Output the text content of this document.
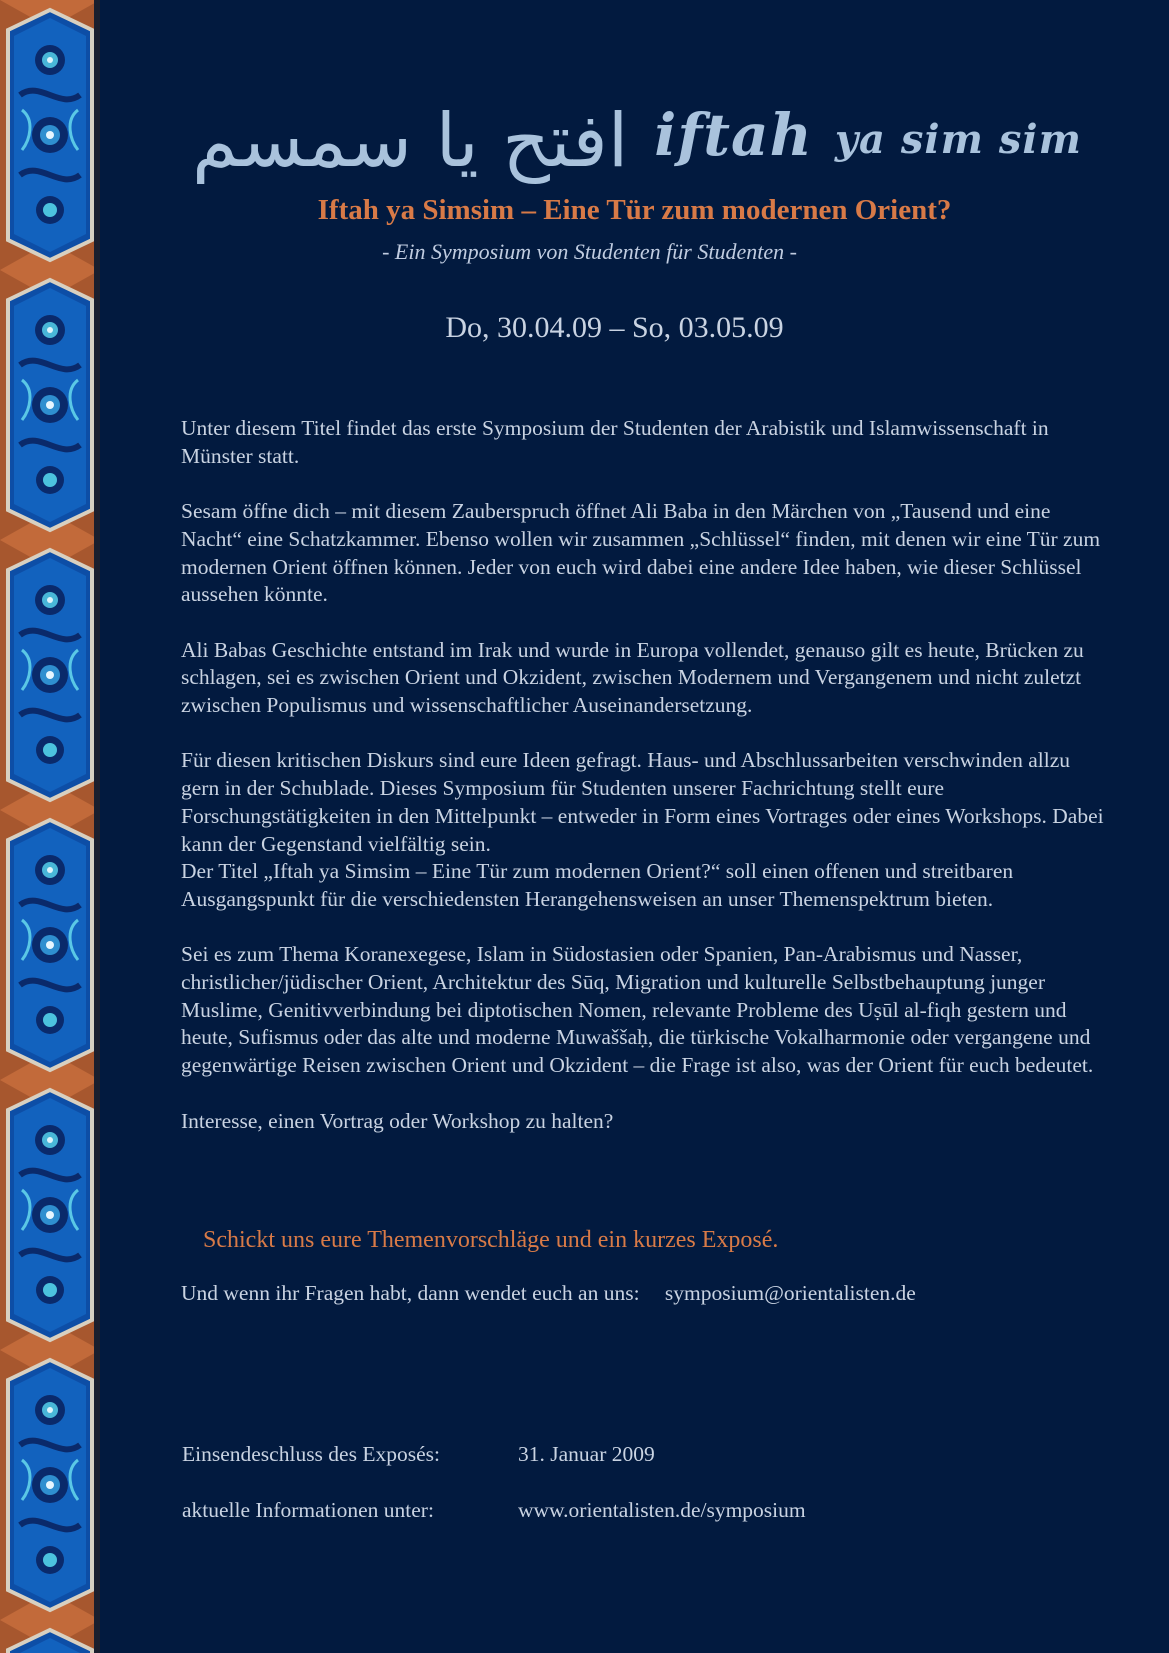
افتح يا سمسم iftah ya sim sim
Iftah ya Simsim – Eine Tür zum modernen Orient?
- Ein Symposium von Studenten für Studenten -
Do, 30.04.09 – So, 03.05.09

Unter diesem Titel findet das erste Symposium der Studenten der Arabistik und Islamwissenschaft in Münster statt.

Sesam öffne dich – mit diesem Zauberspruch öffnet Ali Baba in den Märchen von „Tausend und eine Nacht“ eine Schatzkammer. Ebenso wollen wir zusammen „Schlüssel“ finden, mit denen wir eine Tür zum modernen Orient öffnen können. Jeder von euch wird dabei eine andere Idee haben, wie dieser Schlüssel aussehen könnte.

Ali Babas Geschichte entstand im Irak und wurde in Europa vollendet, genauso gilt es heute, Brücken zu schlagen, sei es zwischen Orient und Okzident, zwischen Modernem und Vergangenem und nicht zuletzt zwischen Populismus und wissenschaftlicher Auseinandersetzung.

Für diesen kritischen Diskurs sind eure Ideen gefragt. Haus- und Abschlussarbeiten verschwinden allzu gern in der Schublade. Dieses Symposium für Studenten unserer Fachrichtung stellt eure Forschungstätigkeiten in den Mittelpunkt – entweder in Form eines Vortrages oder eines Workshops. Dabei kann der Gegenstand vielfältig sein.

Der Titel „Iftah ya Simsim – Eine Tür zum modernen Orient?“ soll einen offenen und streitbaren Ausgangspunkt für die verschiedensten Herangehensweisen an unser Themenspektrum bieten.

Sei es zum Thema Koranexegese, Islam in Südostasien oder Spanien, Pan-Arabismus und Nasser, christlicher/jüdischer Orient, Architektur des Sūq, Migration und kulturelle Selbstbehauptung junger Muslime, Genitivverbindung bei diptotischen Nomen, relevante Probleme des Uṣūl al-fiqh gestern und heute, Sufismus oder das alte und moderne Muwaššaḥ, die türkische Vokalharmonie oder vergangene und gegenwärtige Reisen zwischen Orient und Okzident – die Frage ist also, was der Orient für euch bedeutet.

Interesse, einen Vortrag oder Workshop zu halten?

Schickt uns eure Themenvorschläge und ein kurzes Exposé.
Und wenn ihr Fragen habt, dann wendet euch an uns: symposium@orientalisten.de
Einsendeschluss des Exposés:	31. Januar 2009
aktuelle Informationen unter:	www.orientalisten.de/symposium
